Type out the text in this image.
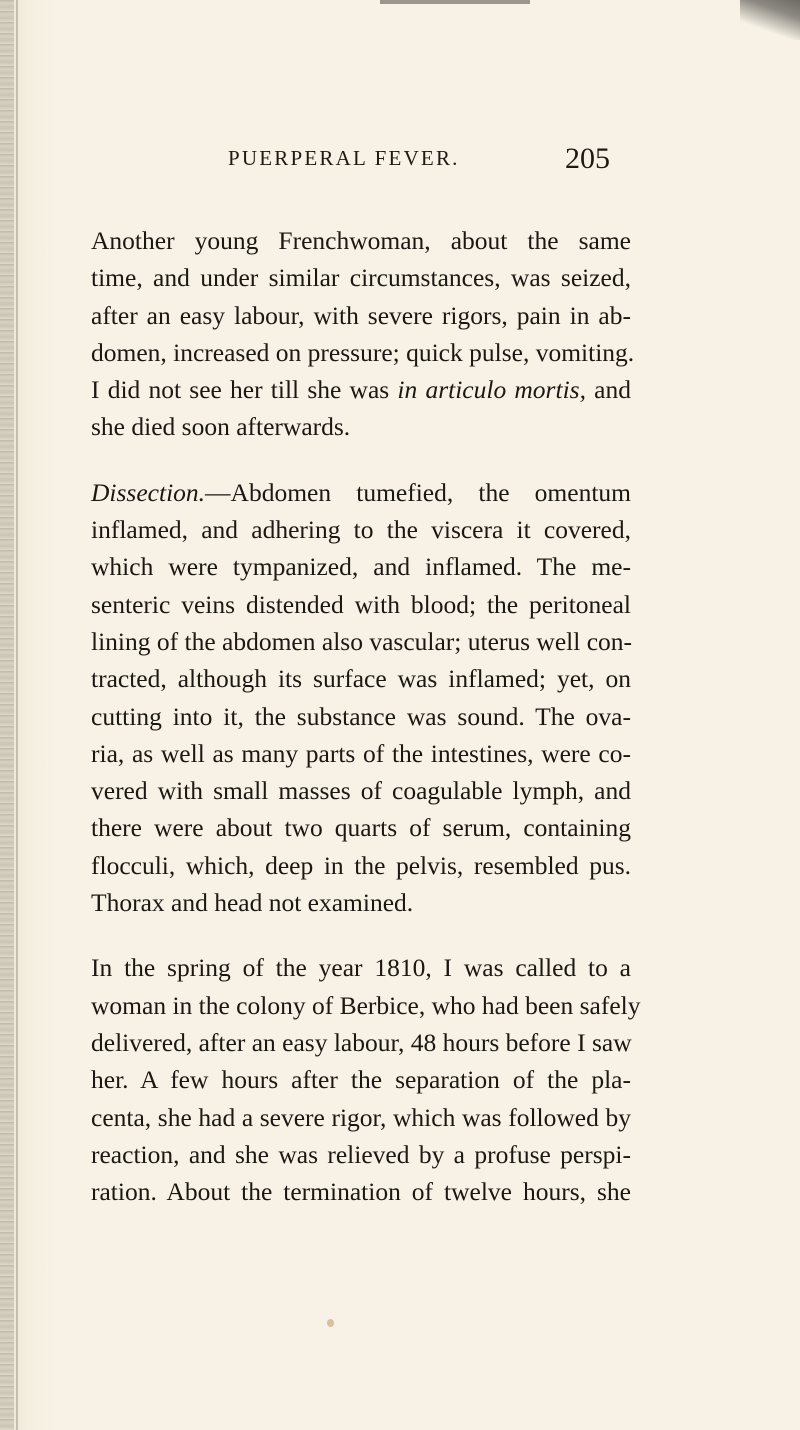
PUERPERAL FEVER.	205

Another young Frenchwoman, about the same
time, and under similar circumstances, was seized,
after an easy labour, with severe rigors, pain in ab-
domen, increased on pressure; quick pulse, vomiting.
I did not see her till she was in articulo mortis, and
she died soon afterwards.

Dissection.—Abdomen tumefied, the omentum
inflamed, and adhering to the viscera it covered,
which were tympanized, and inflamed. The me-
senteric veins distended with blood; the peritoneal
lining of the abdomen also vascular; uterus well con-
tracted, although its surface was inflamed; yet, on
cutting into it, the substance was sound. The ova-
ria, as well as many parts of the intestines, were co-
vered with small masses of coagulable lymph, and
there were about two quarts of serum, containing
flocculi, which, deep in the pelvis, resembled pus.
Thorax and head not examined.

In the spring of the year 1810, I was called to a
woman in the colony of Berbice, who had been safely
delivered, after an easy labour, 48 hours before I saw
her. A few hours after the separation of the pla-
centa, she had a severe rigor, which was followed by
reaction, and she was relieved by a profuse perspi-
ration. About the termination of twelve hours, she
